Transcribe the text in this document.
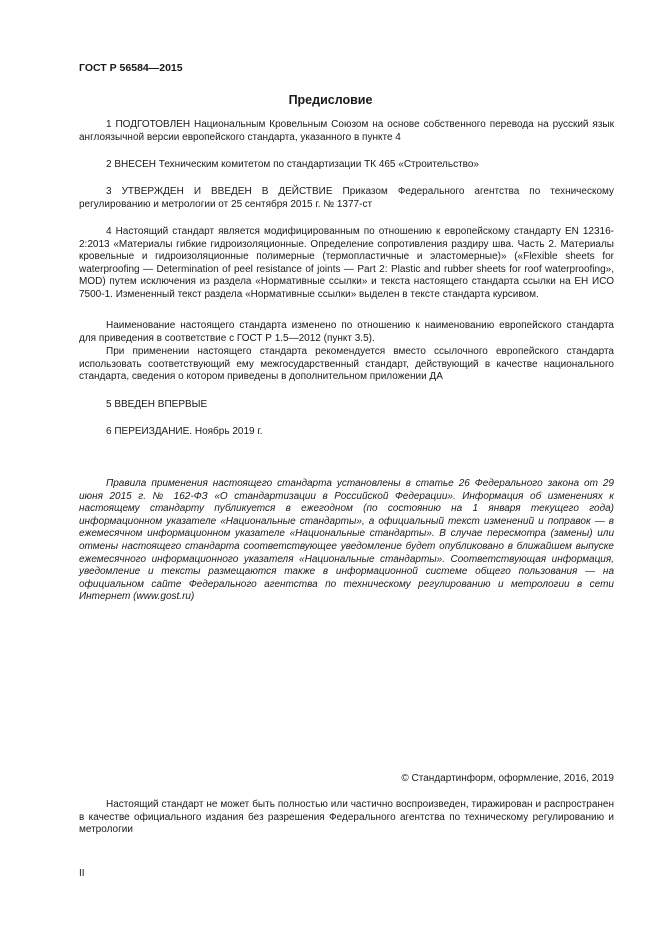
ГОСТ Р 56584—2015
Предисловие

1 ПОДГОТОВЛЕН Национальным Кровельным Союзом на основе собственного перевода на русский язык англоязычной версии европейского стандарта, указанного в пункте 4

2 ВНЕСЕН Техническим комитетом по стандартизации ТК 465 «Строительство»

3 УТВЕРЖДЕН И ВВЕДЕН В ДЕЙСТВИЕ Приказом Федерального агентства по техническому регулированию и метрологии от 25 сентября 2015 г. № 1377-ст

4 Настоящий стандарт является модифицированным по отношению к европейскому стандарту EN 12316-2:2013 «Материалы гибкие гидроизоляционные. Определение сопротивления раздиру шва. Часть 2. Материалы кровельные и гидроизоляционные полимерные (термопластичные и эластомерные)» («Flexible sheets for waterproofing — Determination of peel resistance of joints — Part 2: Plastic and rubber sheets for roof waterproofing», MOD) путем исключения из раздела «Нормативные ссылки» и текста настоящего стандарта ссылки на ЕН ИСО 7500-1. Измененный текст раздела «Нормативные ссылки» выделен в тексте стандарта курсивом.

Наименование настоящего стандарта изменено по отношению к наименованию европейского стандарта для приведения в соответствие с ГОСТ Р 1.5—2012 (пункт 3.5).

При применении настоящего стандарта рекомендуется вместо ссылочного европейского стандарта использовать соответствующий ему межгосударственный стандарт, действующий в качестве национального стандарта, сведения о котором приведены в дополнительном приложении ДА

5 ВВЕДЕН ВПЕРВЫЕ

6 ПЕРЕИЗДАНИЕ. Ноябрь 2019 г.

Правила применения настоящего стандарта установлены в статье 26 Федерального закона от 29 июня 2015 г. № 162-ФЗ «О стандартизации в Российской Федерации». Информация об изменениях к настоящему стандарту публикуется в ежегодном (по состоянию на 1 января текущего года) информационном указателе «Национальные стандарты», а официальный текст изменений и поправок — в ежемесячном информационном указателе «Национальные стандарты». В случае пересмотра (замены) или отмены настоящего стандарта соответствующее уведомление будет опубликовано в ближайшем выпуске ежемесячного информационного указателя «Национальные стандарты». Соответствующая информация, уведомление и тексты размещаются также в информационной системе общего пользования — на официальном сайте Федерального агентства по техническому регулированию и метрологии в сети Интернет (www.gost.ru)

© Стандартинформ, оформление, 2016, 2019

Настоящий стандарт не может быть полностью или частично воспроизведен, тиражирован и распространен в качестве официального издания без разрешения Федерального агентства по техническому регулированию и метрологии

II
